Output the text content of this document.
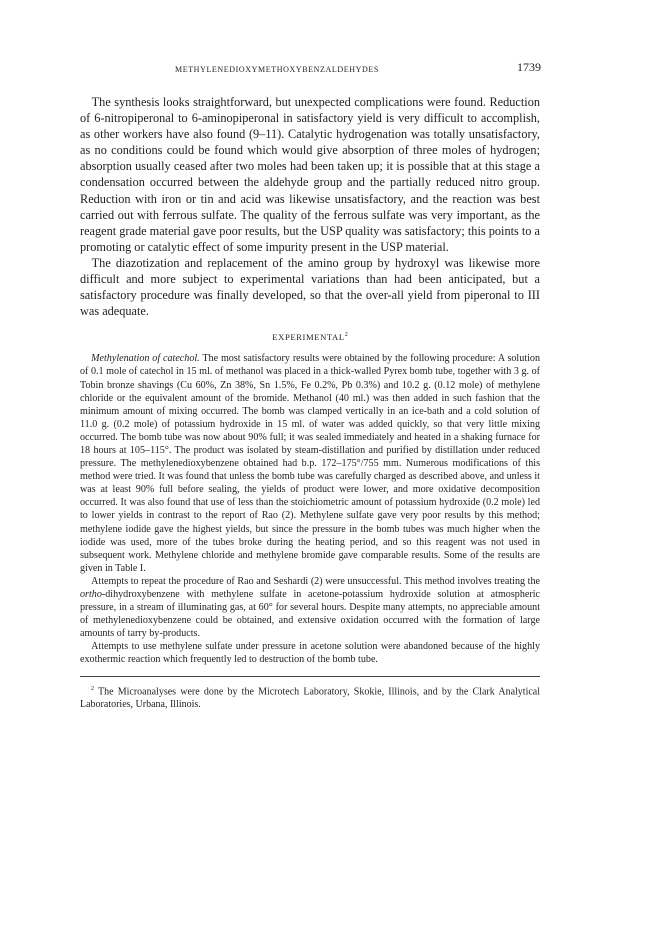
METHYLENEDIOXYMETHOXYBENZALDEHYDES	1739

The synthesis looks straightforward, but unexpected complications were found. Reduction of 6-nitropiperonal to 6-aminopiperonal in satisfactory yield is very difficult to accomplish, as other workers have also found (9–11). Catalytic hydrogenation was totally unsatisfactory, as no conditions could be found which would give absorption of three moles of hydrogen; absorption usually ceased after two moles had been taken up; it is possible that at this stage a condensation occurred between the aldehyde group and the partially reduced nitro group. Reduction with iron or tin and acid was likewise unsatisfactory, and the reaction was best carried out with ferrous sulfate. The quality of the ferrous sulfate was very important, as the reagent grade material gave poor results, but the USP quality was satisfactory; this points to a promoting or catalytic effect of some impurity present in the USP material.

The diazotization and replacement of the amino group by hydroxyl was likewise more difficult and more subject to experimental variations than had been anticipated, but a satisfactory procedure was finally developed, so that the over-all yield from piperonal to III was adequate.

EXPERIMENTAL$^2$

Methylenation of catechol. The most satisfactory results were obtained by the following procedure: A solution of 0.1 mole of catechol in 15 ml. of methanol was placed in a thick-walled Pyrex bomb tube, together with 3 g. of Tobin bronze shavings (Cu 60%, Zn 38%, Sn 1.5%, Fe 0.2%, Pb 0.3%) and 10.2 g. (0.12 mole) of methylene chloride or the equivalent amount of the bromide. Methanol (40 ml.) was then added in such fashion that the minimum amount of mixing occurred. The bomb was clamped vertically in an ice-bath and a cold solution of 11.0 g. (0.2 mole) of potassium hydroxide in 15 ml. of water was added quickly, so that very little mixing occurred. The bomb tube was now about 90% full; it was sealed immediately and heated in a shaking furnace for 18 hours at 105–115°. The product was isolated by steam-distillation and purified by distillation under reduced pressure. The methylenedioxybenzene obtained had b.p. 172–175°/755 mm. Numerous modifications of this method were tried. It was found that unless the bomb tube was carefully charged as described above, and unless it was at least 90% full before sealing, the yields of product were lower, and more oxidative decomposition occurred. It was also found that use of less than the stoichiometric amount of potassium hydroxide (0.2 mole) led to lower yields in contrast to the report of Rao (2). Methylene sulfate gave very poor results by this method; methylene iodide gave the highest yields, but since the pressure in the bomb tubes was much higher when the iodide was used, more of the tubes broke during the heating period, and so this reagent was not used in subsequent work. Methylene chloride and methylene bromide gave comparable results. Some of the results are given in Table I.

Attempts to repeat the procedure of Rao and Seshardi (2) were unsuccessful. This method involves treating the ortho-dihydroxybenzene with methylene sulfate in acetone-potassium hydroxide solution at atmospheric pressure, in a stream of illuminating gas, at 60° for several hours. Despite many attempts, no appreciable amount of methylenedioxybenzene could be obtained, and extensive oxidation occurred with the formation of large amounts of tarry by-products.

Attempts to use methylene sulfate under pressure in acetone solution were abandoned because of the highly exothermic reaction which frequently led to destruction of the bomb tube.

$^2$ The Microanalyses were done by the Microtech Laboratory, Skokie, Illinois, and by the Clark Analytical Laboratories, Urbana, Illinois.
